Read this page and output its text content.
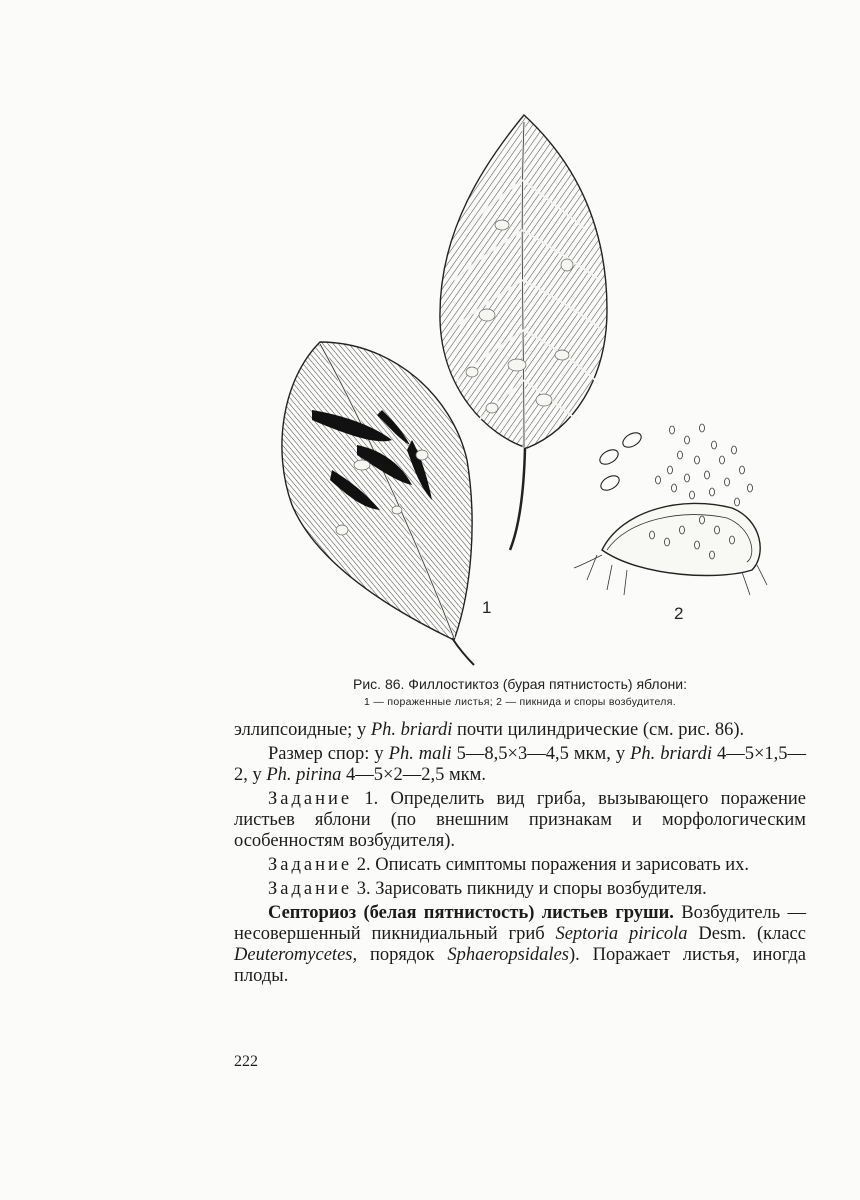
1	2
Рис. 86. Филлостиктоз (бурая пятнистость) яблони:
1 — пораженные листья; 2 — пикнида и споры возбудителя.

эллипсоидные; у Ph. briardi почти цилиндрические (см. рис. 86).

Размер спор: у Ph. mali 5—8,5×3—4,5 мкм, у Ph. briardi 4—5×1,5—2, у Ph. pirina 4—5×2—2,5 мкм.

Задание 1. Определить вид гриба, вызывающего поражение листьев яблони (по внешним признакам и морфологическим особенностям возбудителя).

Задание 2. Описать симптомы поражения и зарисовать их.

Задание 3. Зарисовать пикниду и споры возбудителя.

Септориоз (белая пятнистость) листьев груши. Возбудитель — несовершенный пикнидиальный гриб Septoria piricola Desm. (класс Deuteromycetes, порядок Sphaeropsidales). Поражает листья, иногда плоды.

222
